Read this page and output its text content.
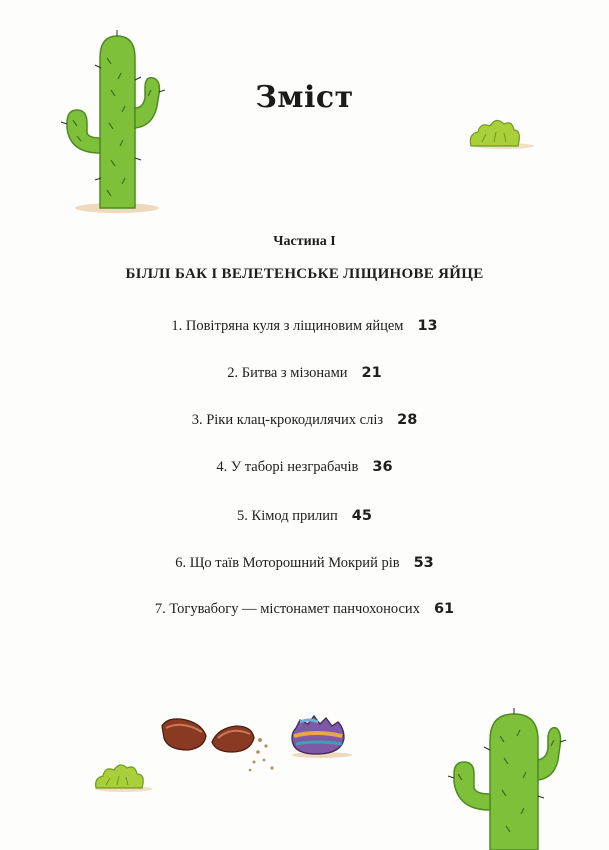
Зміст
Частина I
БІЛЛІ БАК І ВЕЛЕТЕНСЬКЕ ЛІЩИНОВЕ ЯЙЦЕ
1. Повітряна куля з ліщиновим яйцем 13
2. Битва з мізонами 21
3. Ріки клац-крокодилячих сліз 28
4. У таборі незграбачів 36
5. Кімод прилип 45
6. Що таїв Моторошний Мокрий рів 53
7. Тогувабогу — містонамет панчохоносих 61
